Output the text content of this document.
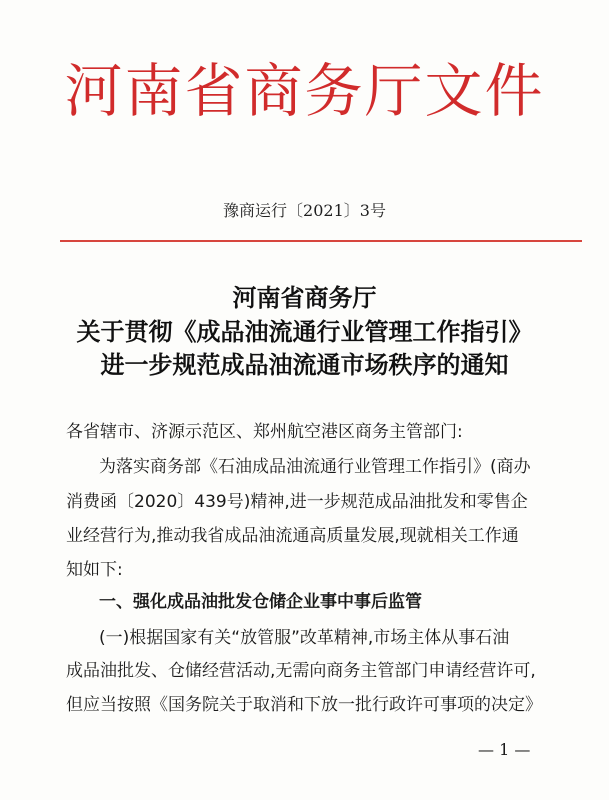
河南省商务厅文件
豫商运行〔2021〕3号
河南省商务厅
关于贯彻《成品油流通行业管理工作指引》
进一步规范成品油流通市场秩序的通知
各省辖市、济源示范区、郑州航空港区商务主管部门:
为落实商务部《石油成品油流通行业管理工作指引》(商办
消费函〔2020〕439号)精神,进一步规范成品油批发和零售企
业经营行为,推动我省成品油流通高质量发展,现就相关工作通
知如下:
一、强化成品油批发仓储企业事中事后监管
(一)根据国家有关“放管服”改革精神,市场主体从事石油
成品油批发、仓储经营活动,无需向商务主管部门申请经营许可,
但应当按照《国务院关于取消和下放一批行政许可事项的决定》
— 1 —
